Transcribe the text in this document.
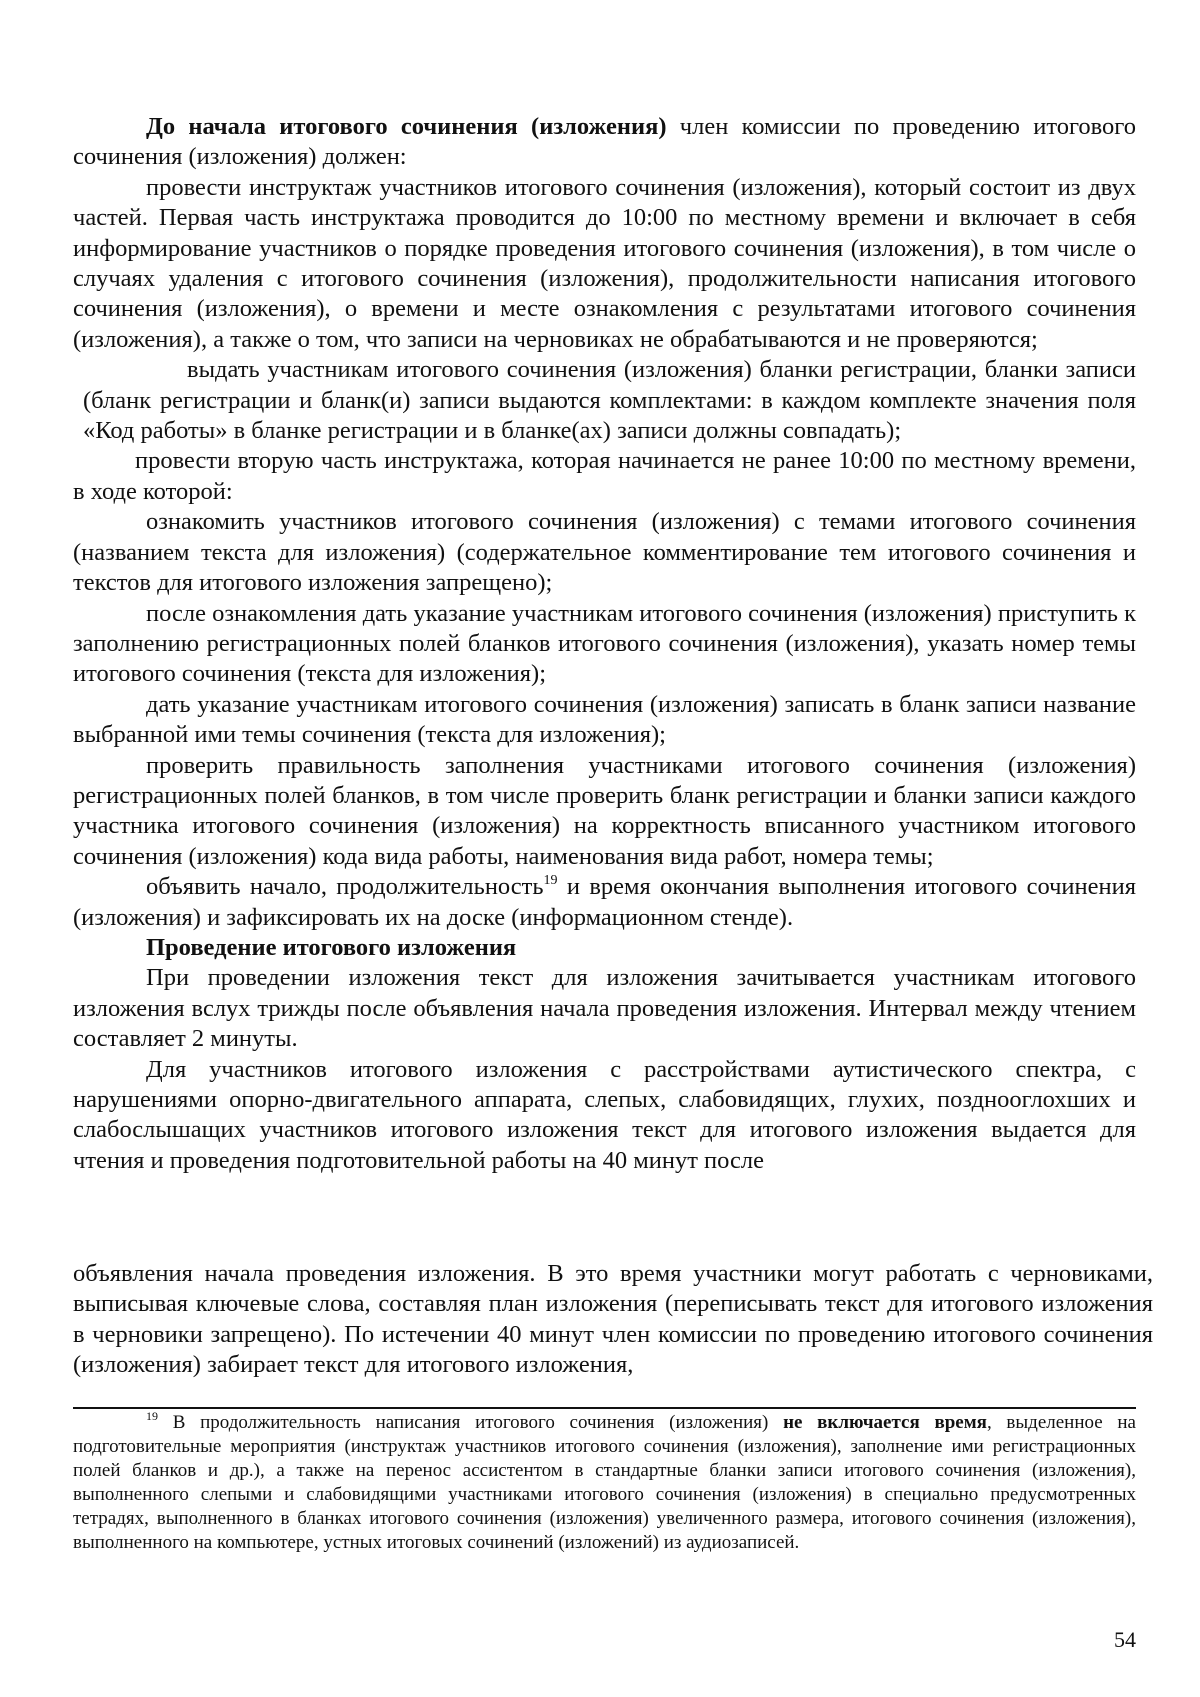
До начала итогового сочинения (изложения) член комиссии по проведению итогового сочинения (изложения) должен:

провести инструктаж участников итогового сочинения (изложения), который состоит из двух частей. Первая часть инструктажа проводится до 10:00 по местному времени и включает в себя информирование участников о порядке проведения итогового сочинения (изложения), в том числе о случаях удаления с итогового сочинения (изложения), продолжительности написания итогового сочинения (изложения), о времени и месте ознакомления с результатами итогового сочинения (изложения), а также о том, что записи на черновиках не обрабатываются и не проверяются;

выдать участникам итогового сочинения (изложения) бланки регистрации, бланки записи (бланк регистрации и бланк(и) записи выдаются комплектами: в каждом комплекте значения поля «Код работы» в бланке регистрации и в бланке(ах) записи должны совпадать);

провести вторую часть инструктажа, которая начинается не ранее 10:00 по местному времени, в ходе которой:

ознакомить участников итогового сочинения (изложения) с темами итогового сочинения (названием текста для изложения) (содержательное комментирование тем итогового сочинения и текстов для итогового изложения запрещено);

после ознакомления дать указание участникам итогового сочинения (изложения) приступить к заполнению регистрационных полей бланков итогового сочинения (изложения), указать номер темы итогового сочинения (текста для изложения);

дать указание участникам итогового сочинения (изложения) записать в бланк записи название выбранной ими темы сочинения (текста для изложения);

проверить правильность заполнения участниками итогового сочинения (изложения) регистрационных полей бланков, в том числе проверить бланк регистрации и бланки записи каждого участника итогового сочинения (изложения) на корректность вписанного участником итогового сочинения (изложения) кода вида работы, наименования вида работ, номера темы;

объявить начало, продолжительность$^{19}$ и время окончания выполнения итогового сочинения (изложения) и зафиксировать их на доске (информационном стенде).

Проведение итогового изложения

При проведении изложения текст для изложения зачитывается участникам итогового изложения вслух трижды после объявления начала проведения изложения. Интервал между чтением составляет 2 минуты.

Для участников итогового изложения с расстройствами аутистического спектра, с нарушениями опорно-двигательного аппарата, слепых, слабовидящих, глухих, позднооглохших и слабослышащих участников итогового изложения текст для итогового изложения выдается для чтения и проведения подготовительной работы на 40 минут после

объявления начала проведения изложения. В это время участники могут работать с черновиками, выписывая ключевые слова, составляя план изложения (переписывать текст для итогового изложения в черновики запрещено). По истечении 40 минут член комиссии по проведению итогового сочинения (изложения) забирает текст для итогового изложения,

$^{19}$ В продолжительность написания итогового сочинения (изложения) не включается время, выделенное на подготовительные мероприятия (инструктаж участников итогового сочинения (изложения), заполнение ими регистрационных полей бланков и др.), а также на перенос ассистентом в стандартные бланки записи итогового сочинения (изложения), выполненного слепыми и слабовидящими участниками итогового сочинения (изложения) в специально предусмотренных тетрадях, выполненного в бланках итогового сочинения (изложения) увеличенного размера, итогового сочинения (изложения), выполненного на компьютере, устных итоговых сочинений (изложений) из аудиозаписей.

54
